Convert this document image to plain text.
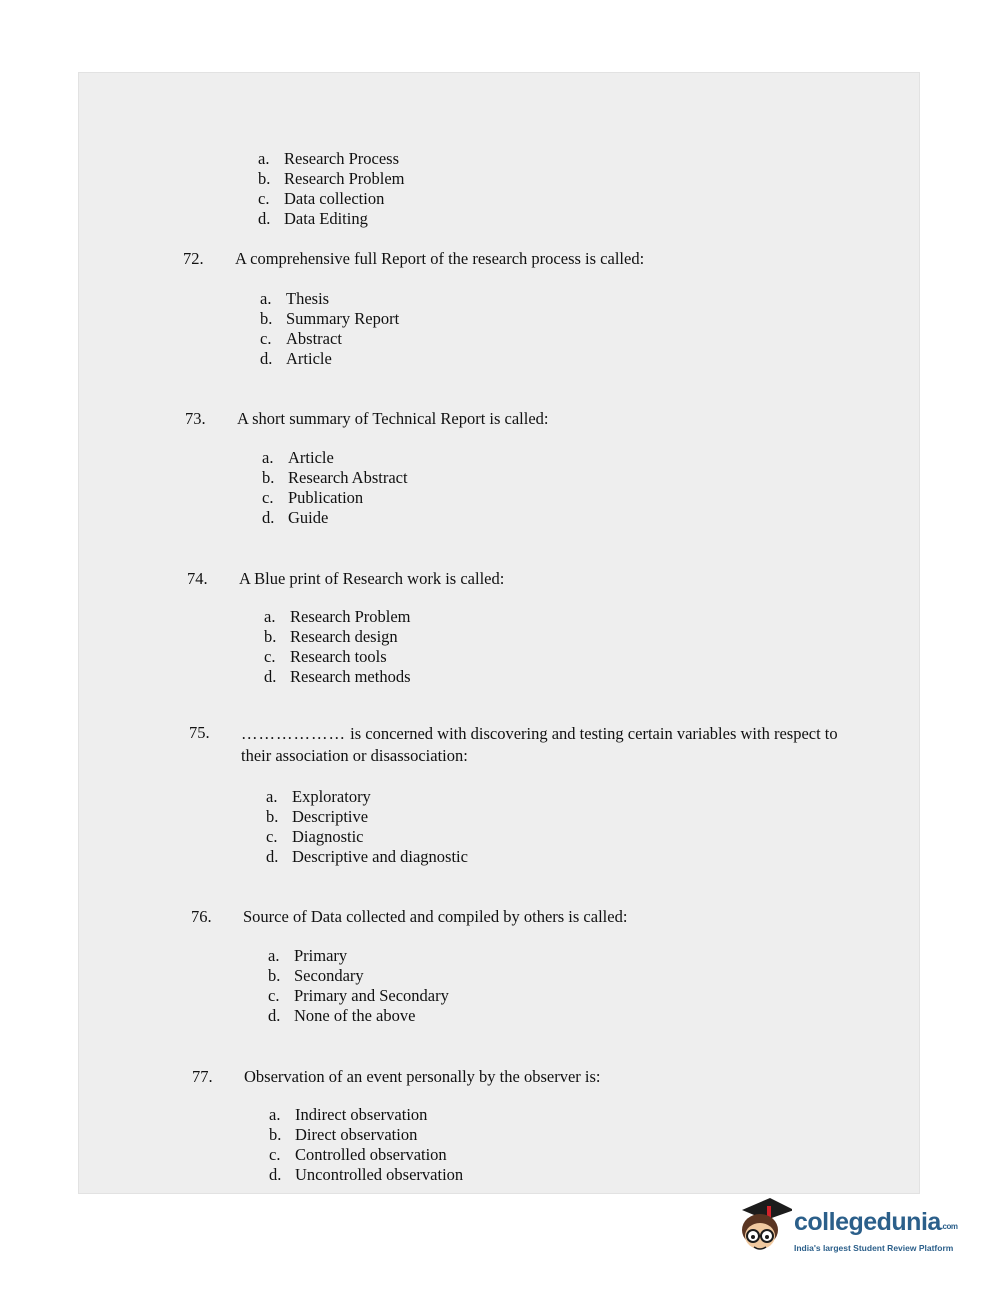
a. Research Process
b. Research Problem
c. Data collection
d. Data Editing
72.	A comprehensive full Report of the research process is called:
a. Thesis
b. Summary Report
c. Abstract
d. Article
73.	A short summary of Technical Report is called:
a. Article
b. Research Abstract
c. Publication
d. Guide
74.	A Blue print of Research work is called:
a. Research Problem
b. Research design
c. Research tools
d. Research methods
75.	……………… is concerned with discovering and testing certain variables with respect to their association or disassociation:
a. Exploratory
b. Descriptive
c. Diagnostic
d. Descriptive and diagnostic
76.	Source of Data collected and compiled by others is called:
a. Primary
b. Secondary
c. Primary and Secondary
d. None of the above
77.	Observation of an event personally by the observer is:
a. Indirect observation
b. Direct observation
c. Controlled observation
d. Uncontrolled observation
collegedunia.com
India's largest Student Review Platform
